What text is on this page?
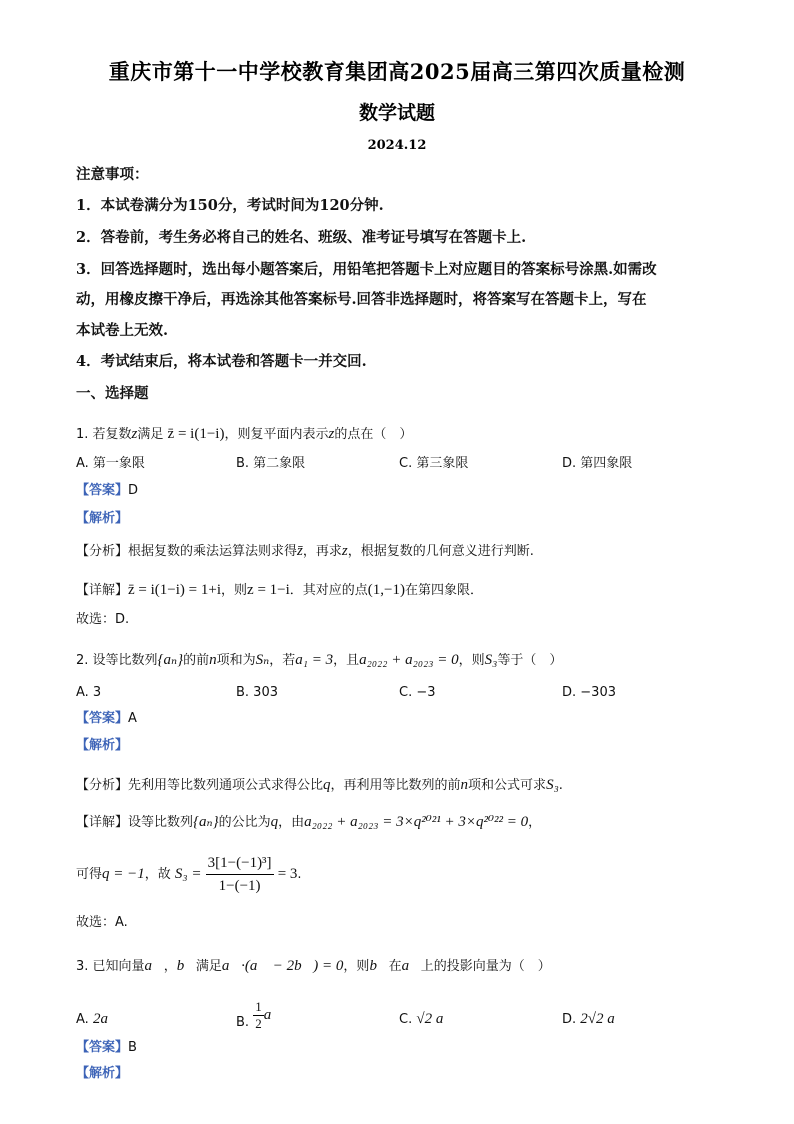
重庆市第十一中学校教育集团高2025届高三第四次质量检测
数学试题
2024.12
注意事项：
1．本试卷满分为150分，考试时间为120分钟.
2．答卷前，考生务必将自己的姓名、班级、准考证号填写在答题卡上.
3．回答选择题时，选出每小题答案后，用铅笔把答题卡上对应题目的答案标号涂黑.如需改
动，用橡皮擦干净后，再选涂其他答案标号.回答非选择题时，将答案写在答题卡上，写在
本试卷上无效.
4．考试结束后，将本试卷和答题卡一并交回.
一、选择题
1. 若复数z满足 z̄ = i(1−i)，则复平面内表示z的点在（　）
A. 第一象限	B. 第二象限	C. 第三象限	D. 第四象限
【答案】D
【解析】
【分析】根据复数的乘法运算法则求得z̄，再求z，根据复数的几何意义进行判断.
【详解】z̄ = i(1−i) = 1+i，则z = 1−i．其对应的点(1,−1)在第四象限．
故选：D.
2. 设等比数列{aₙ}的前n项和为Sₙ，若a₁ = 3，且a₂₀₂₂ + a₂₀₂₃ = 0，则S₃等于（　）
A. 3	B. 303	C. −3	D. −303
【答案】A
【解析】
【分析】先利用等比数列通项公式求得公比q，再利用等比数列的前n项和公式可求S₃.
【详解】设等比数列{aₙ}的公比为q，由a₂₀₂₂ + a₂₀₂₃ = 3×q²⁰²¹ + 3×q²⁰²² = 0，
可得q = −1，故 $S_3 = \frac{\text{3[1−(−1)³]}}{1-(-1)} = 3$.
故选：A.
3. 已知向量a⃗，b⃗满足a⃗·(a⃗ − 2b⃗) = 0，则b⃗在a⃗上的投影向量为（　）
A. 2a⃗	B. $\frac{1}{2}$ a⃗	C. √2 a⃗	D. 2√2 a⃗
【答案】B
【解析】
